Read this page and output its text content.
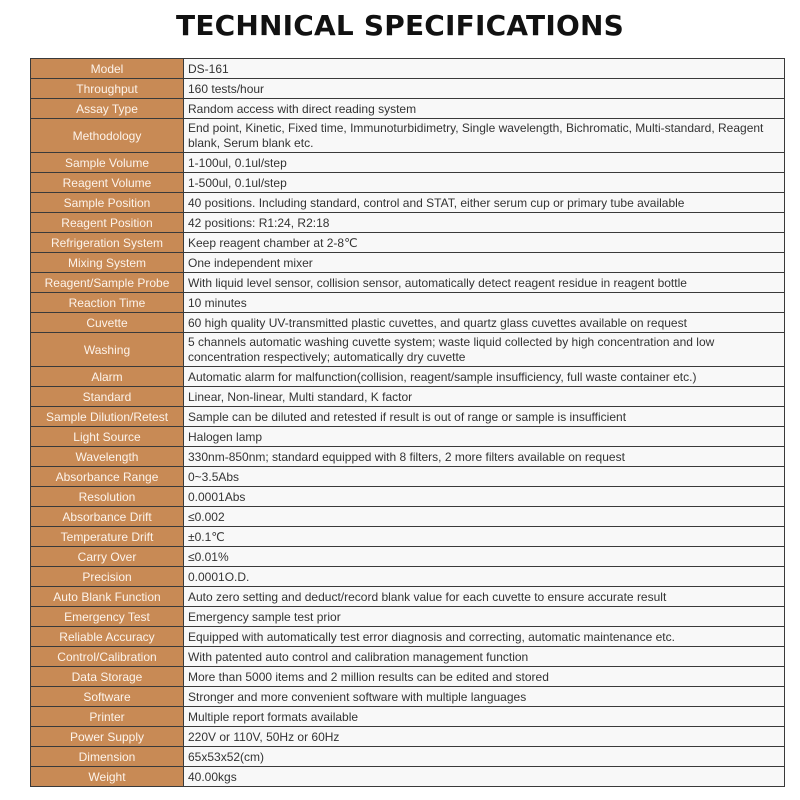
TECHNICAL SPECIFICATIONS
Model	DS-161
Throughput	160 tests/hour
Assay Type	Random access with direct reading system
Methodology	End point, Kinetic, Fixed time, Immunoturbidimetry, Single wavelength, Bichromatic, Multi-standard, Reagent blank, Serum blank etc.
Sample Volume	1-100ul, 0.1ul/step
Reagent Volume	1-500ul, 0.1ul/step
Sample Position	40 positions. Including standard, control and STAT, either serum cup or primary tube available
Reagent Position	42 positions: R1:24, R2:18
Refrigeration System	Keep reagent chamber at 2-8℃
Mixing System	One independent mixer
Reagent/Sample Probe	With liquid level sensor, collision sensor, automatically detect reagent residue in reagent bottle
Reaction Time	10 minutes
Cuvette	60 high quality UV-transmitted plastic cuvettes, and quartz glass cuvettes available on request
Washing	5 channels automatic washing cuvette system; waste liquid collected by high concentration and low concentration respectively; automatically dry cuvette
Alarm	Automatic alarm for malfunction(collision, reagent/sample insufficiency, full waste container etc.)
Standard	Linear, Non-linear, Multi standard, K factor
Sample Dilution/Retest	Sample can be diluted and retested if result is out of range or sample is insufficient
Light Source	Halogen lamp
Wavelength	330nm-850nm; standard equipped with 8 filters, 2 more filters available on request
Absorbance Range	0~3.5Abs
Resolution	0.0001Abs
Absorbance Drift	≤0.002
Temperature Drift	±0.1℃
Carry Over	≤0.01%
Precision	0.0001O.D.
Auto Blank Function	Auto zero setting and deduct/record blank value for each cuvette to ensure accurate result
Emergency Test	Emergency sample test prior
Reliable Accuracy	Equipped with automatically test error diagnosis and correcting, automatic maintenance etc.
Control/Calibration	With patented auto control and calibration management function
Data Storage	More than 5000 items and 2 million results can be edited and stored
Software	Stronger and more convenient software with multiple languages
Printer	Multiple report formats available
Power Supply	220V or 110V, 50Hz or 60Hz
Dimension	65x53x52(cm)
Weight	40.00kgs
